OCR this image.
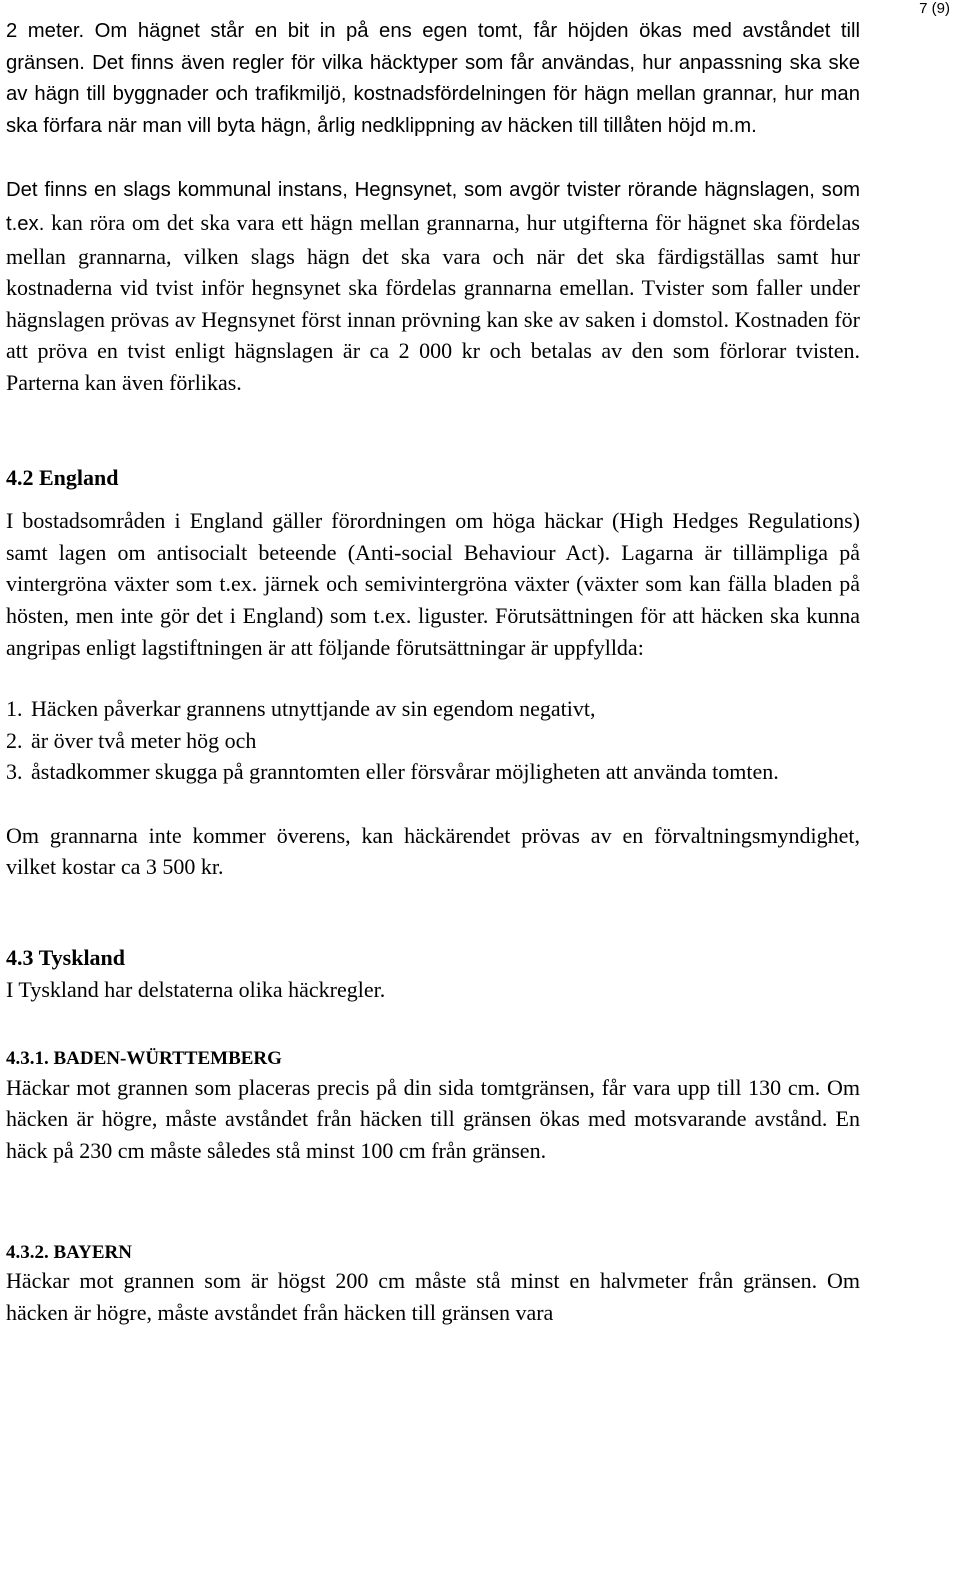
7 (9)

2 meter. Om hägnet står en bit in på ens egen tomt, får höjden ökas med avståndet till gränsen. Det finns även regler för vilka häcktyper som får användas, hur anpassning ska ske av hägn till byggnader och trafikmiljö, kostnadsfördelningen för hägn mellan grannar, hur man ska förfara när man vill byta hägn, årlig nedklippning av häcken till tillåten höjd m.m.

Det finns en slags kommunal instans, Hegnsynet, som avgör tvister rörande hägnslagen, som t.ex. kan röra om det ska vara ett hägn mellan grannarna, hur utgifterna för hägnet ska fördelas mellan grannarna, vilken slags hägn det ska vara och när det ska färdigställas samt hur kostnaderna vid tvist inför hegnsynet ska fördelas grannarna emellan. Tvister som faller under hägnslagen prövas av Hegnsynet först innan prövning kan ske av saken i domstol. Kostnaden för att pröva en tvist enligt hägnslagen är ca 2 000 kr och betalas av den som förlorar tvisten. Parterna kan även förlikas.

4.2 England

I bostadsområden i England gäller förordningen om höga häckar (High Hedges Regulations) samt lagen om antisocialt beteende (Anti-social Behaviour Act). Lagarna är tillämpliga på vintergröna växter som t.ex. järnek och semivintergröna växter (växter som kan fälla bladen på hösten, men inte gör det i England) som t.ex. liguster. Förutsättningen för att häcken ska kunna angripas enligt lagstiftningen är att följande förutsättningar är uppfyllda:

1. Häcken påverkar grannens utnyttjande av sin egendom negativt,
2. är över två meter hög och
3. åstadkommer skugga på granntomten eller försvårar möjligheten att använda tomten.

Om grannarna inte kommer överens, kan häckärendet prövas av en förvaltningsmyndighet, vilket kostar ca 3 500 kr.

4.3 Tyskland

I Tyskland har delstaterna olika häckregler.

4.3.1. BADEN-WÜRTTEMBERG

Häckar mot grannen som placeras precis på din sida tomtgränsen, får vara upp till 130 cm. Om häcken är högre, måste avståndet från häcken till gränsen ökas med motsvarande avstånd. En häck på 230 cm måste således stå minst 100 cm från gränsen.

4.3.2. BAYERN

Häckar mot grannen som är högst 200 cm måste stå minst en halvmeter från gränsen. Om häcken är högre, måste avståndet från häcken till gränsen vara
